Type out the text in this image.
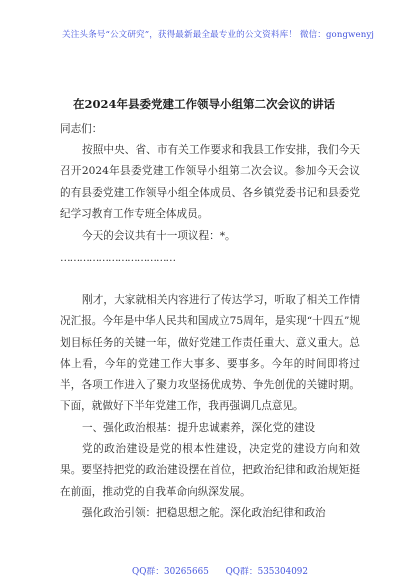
关注头条号“公文研究”，获得最新最全最专业的公文资料库！ 微信：gongwenyj
在2024年县委党建工作领导小组第二次会议的讲话
同志们：
按照中央、省、市有关工作要求和我县工作安排，我们今天召开2024年县委党建工作领导小组第二次会议。参加今天会议的有县委党建工作领导小组全体成员、各乡镇党委书记和县委党纪学习教育工作专班全体成员。
今天的会议共有十一项议程：*。
………………………………
刚才，大家就相关内容进行了传达学习，听取了相关工作情况汇报。今年是中华人民共和国成立75周年，是实现“十四五”规划目标任务的关键一年，做好党建工作责任重大、意义重大。总体上看，今年的党建工作大事多、要事多。今年的时间即将过半，各项工作进入了聚力攻坚扬优成势、争先创优的关键时期。下面，就做好下半年党建工作，我再强调几点意见。
一、强化政治根基：提升忠诚素养，深化党的建设
党的政治建设是党的根本性建设，决定党的建设方向和效果。要坚持把党的政治建设摆在首位，把政治纪律和政治规矩挺在前面，推动党的自我革命向纵深发展。
强化政治引领：把稳思想之舵。深化政治纪律和政治
QQ群：30265665 QQ群：535304092
